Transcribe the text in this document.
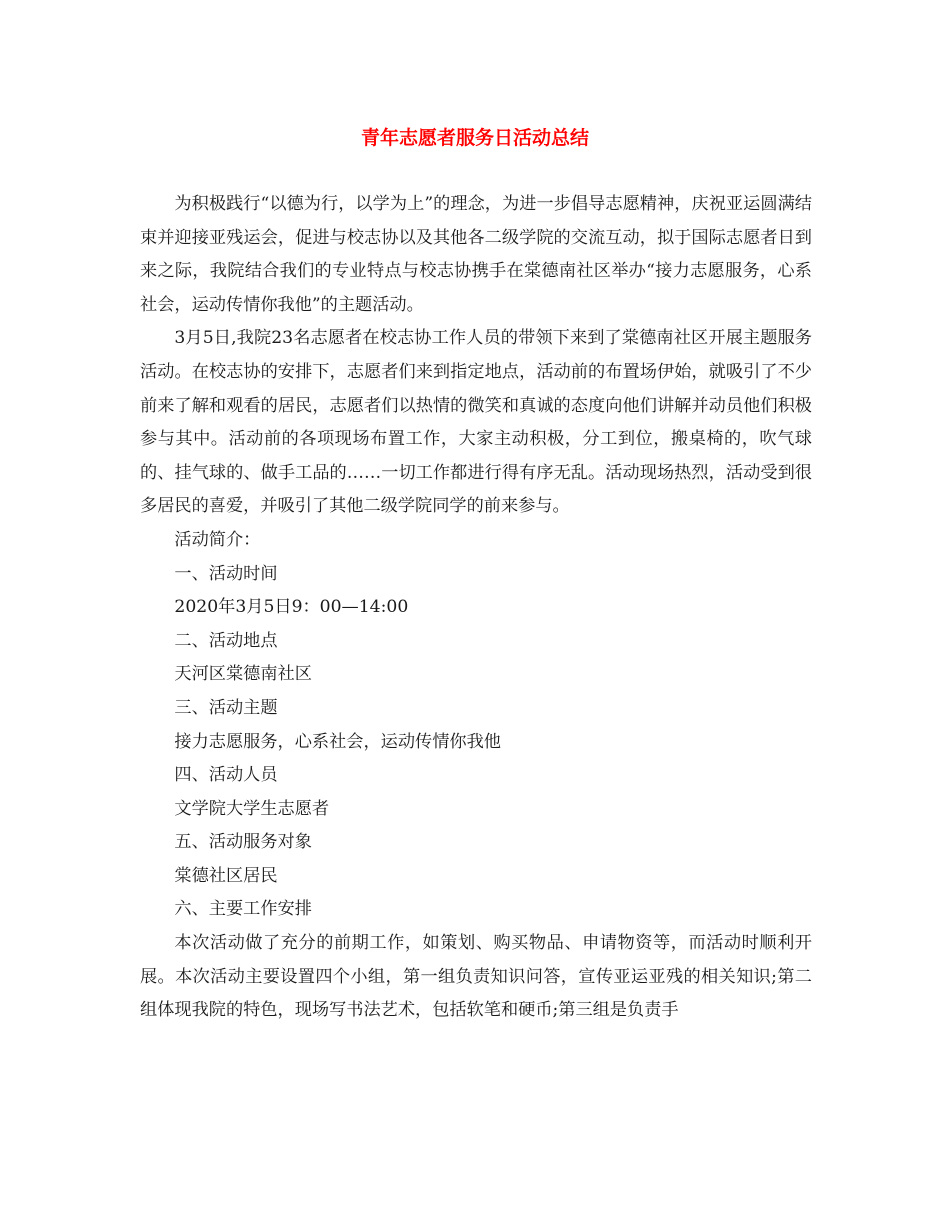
青年志愿者服务日活动总结

为积极践行“以德为行，以学为上”的理念，为进一步倡导志愿精神，庆祝亚运圆满结束并迎接亚残运会，促进与校志协以及其他各二级学院的交流互动，拟于国际志愿者日到来之际，我院结合我们的专业特点与校志协携手在棠德南社区举办“接力志愿服务，心系社会，运动传情你我他”的主题活动。

3月5日,我院23名志愿者在校志协工作人员的带领下来到了棠德南社区开展主题服务活动。在校志协的安排下，志愿者们来到指定地点，活动前的布置场伊始，就吸引了不少前来了解和观看的居民，志愿者们以热情的微笑和真诚的态度向他们讲解并动员他们积极参与其中。活动前的各项现场布置工作，大家主动积极，分工到位，搬桌椅的，吹气球的、挂气球的、做手工品的……一切工作都进行得有序无乱。活动现场热烈，活动受到很多居民的喜爱，并吸引了其他二级学院同学的前来参与。

活动简介：

一、活动时间

2020年3月5日9：00—14:00

二、活动地点

天河区棠德南社区

三、活动主题

接力志愿服务，心系社会，运动传情你我他

四、活动人员

文学院大学生志愿者

五、活动服务对象

棠德社区居民

六、主要工作安排

本次活动做了充分的前期工作，如策划、购买物品、申请物资等，而活动时顺利开展。本次活动主要设置四个小组，第一组负责知识问答，宣传亚运亚残的相关知识;第二组体现我院的特色，现场写书法艺术，包括软笔和硬币;第三组是负责手
